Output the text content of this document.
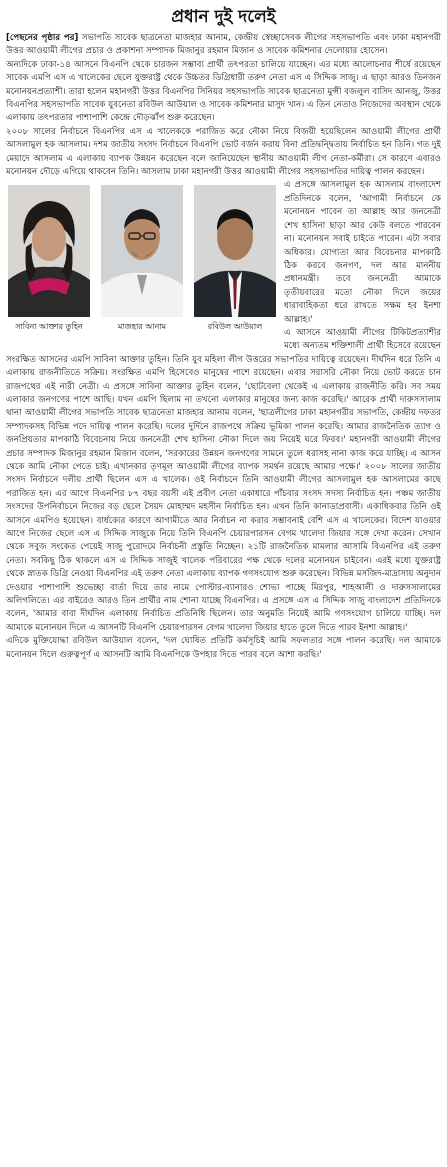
প্রধান দুই দলেই

[পেছনের পৃষ্ঠার পর] সভাপতি সাবেক ছাত্রনেতা মাজহার আনাম, কেন্দ্রীয় স্বেচ্ছাসেবক লীগের সহসভাপতি এবং ঢাকা মহানগরী উত্তর আওয়ামী লীগের প্রচার ও প্রকাশনা সম্পাদক মিজানুর রহমান মিজান ও সাবেক কমিশনার দেলোয়ার হোসেন।

অন্যদিকে ঢাকা-১৪ আসনে বিএনপি থেকে চারজন সম্ভাব্য প্রার্থী তৎপরতা চালিয়ে যাচ্ছেন। এর মধ্যে আলোচনার শীর্ষে রয়েছেন সাবেক এমপি এস এ খালেকের ছেলে যুক্তরাষ্ট্র থেকে উচ্চতর ডিগ্রিধারী তরুণ নেতা এস এ সিদ্দিক সাজু। এ ছাড়া আরও তিনজন মনোনয়নপ্রত্যাশী। তারা হলেন মহানগরী উত্তর বিএনপির সিনিয়র সহসভাপতি সাবেক ছাত্রনেতা মুন্সী বজলুল বাসিদ আনজু, উত্তর বিএনপির সহসভাপতি সাবেক যুবনেতা রবিউল আউয়াল ও সাবেক কমিশনার মাসুদ খান। এ তিন নেতাও নিজেদের অবস্থান থেকে এলাকায় তৎপরতার পাশাপাশি কেন্দ্রে দৌড়ঝাঁপ শুরু করেছেন।

২০০৮ সালের নির্বাচনে বিএনপির এস এ খালেককে পরাজিত করে নৌকা নিয়ে বিজয়ী হয়েছিলেন আওয়ামী লীগের প্রার্থী আসলামুল হক আসলাম। দশম জাতীয় সংসদ নির্বাচনে বিএনপি ভোট বর্জন করায় বিনা প্রতিদ্বন্দ্বিতায় নির্বাচিত হন তিনি। গত দুই মেয়াদে আসলাম এ এলাকায় ব্যাপক উন্নয়ন করেছেন বলে জানিয়েছেন স্থানীয় আওয়ামী লীগ নেতা-কর্মীরা। সে কারণে এবারও মনোনয়ন দৌড়ে এগিয়ে থাকবেন তিনি। আসলাম ঢাকা মহানগরী উত্তর আওয়ামী লীগের সহসভাপতির দায়িত্ব পালন করছেন।

সাবিনা আক্তার তুহিন	মাজহার আনাম	রবিউল আউয়াল

এ প্রসঙ্গে আসলামুল হক আসলাম বাংলাদেশ প্রতিদিনকে বলেন, 'আগামী নির্বাচনে কে মনোনয়ন পাবেন তা আল্লাহ আর জননেত্রী শেখ হাসিনা ছাড়া আর কেউ বলতে পারবেন না। মনোনয়ন সবাই চাইতে পারেন। এটা সবার অধিকার। যোগ্যতা আর বিবেচনার মাপকাঠি ঠিক করবে জনগণ, দল আর মাননীয় প্রধানমন্ত্রী। তবে জননেত্রী আমাকে তৃতীয়বারের মতো নৌকা দিলে জয়ের ধারাবাহিকতা ধরে রাখতে সক্ষম হব ইনশা আল্লাহ।'

এ আসনে আওয়ামী লীগের টিকিটপ্রত্যাশীর মধ্যে অন্যতম শক্তিশালী প্রার্থী হিসেবে রয়েছেন সংরক্ষিত আসনের এমপি সাবিনা আক্তার তুহিন। তিনি যুব মহিলা লীগ উত্তরের সভাপতির দায়িত্বে রয়েছেন। দীর্ঘদিন ধরে তিনি এ এলাকায় রাজনীতিতে সক্রিয়। সংরক্ষিত এমপি হিসেবেও মানুষের পাশে রয়েছেন। এবার সরাসরি নৌকা নিয়ে ভোট করতে চান রাজপথের এই নারী নেত্রী। এ প্রসঙ্গে সাবিনা আক্তার তুহিন বলেন, 'ছোটবেলা থেকেই এ এলাকায় রাজনীতি করি। সব সময় এলাকার জনগণের পাশে আছি। যখন এমপি ছিলাম না তখনো এলাকার মানুষের জন্য কাজ করেছি।' আরেক প্রার্থী দারুসসালাম থানা আওয়ামী লীগের সভাপতি সাবেক ছাত্রনেতা মাজহার আনাম বলেন, 'ছাত্রলীগের ঢাকা মহানগরীর সভাপতি, কেন্দ্রীয় দফতর সম্পাদকসহ বিভিন্ন পদে দায়িত্ব পালন করেছি। দলের দুর্দিনে রাজপথে সক্রিয় ভূমিকা পালন করেছি। আমার রাজনৈতিক ত্যাগ ও জনপ্রিয়তার মাপকাঠি বিবেচনায় নিয়ে জননেত্রী শেখ হাসিনা নৌকা দিলে জয় নিয়েই ঘরে ফিরব।' মহানগরী আওয়ামী লীগের প্রচার সম্পাদক মিজানুর রহমান মিজান বলেন, 'সরকারের উন্নয়ন জনগণের সামনে তুলে ধরাসহ নানা কাজ করে যাচ্ছি। এ আসন থেকে আমি নৌকা পেতে চাই। এখানকার তৃণমূল আওয়ামী লীগের ব্যাপক সমর্থন রয়েছে আমার পক্ষে।' ২০০৮ সালের জাতীয় সংসদ নির্বাচনে দলীয় প্রার্থী ছিলেন এস এ খালেক। ওই নির্বাচনে তিনি আওয়ামী লীগের আসলামুল হক আসলামের কাছে পরাজিত হন। এর আগে বিএনপির ৮৭ বছর বয়সী এই প্রবীণ নেতা একাধারে পাঁচবার সংসদ সদস্য নির্বাচিত হন। পঞ্চম জাতীয় সংসদের উপনির্বাচনে নিজের বড় ছেলে সৈয়দ মোহাম্মদ মহসীন নির্বাচিত হন। এখন তিনি কানাডাপ্রবাসী। একাধিকবার তিনি ওই আসনে এমপিও হয়েছেন। বার্ধক্যের কারণে আগামীতে আর নির্বাচন না করার সম্ভাবনাই বেশি এস এ খালেকের। বিদেশ যাওয়ার আগে নিজের ছেলে এস এ সিদ্দিক সাজুকে নিয়ে তিনি বিএনপি চেয়ারপারসন বেগম খালেদা জিয়ার সঙ্গে দেখা করেন। সেখান থেকে সবুজ সংকেত পেয়েই সাজু পুরোদমে নির্বাচনী প্রস্তুতি নিচ্ছেন। ২১টি রাজনৈতিক মামলার আসামি বিএনপির এই তরুণ নেতা। সবকিছু ঠিক থাকলে এস এ সিদ্দিক সাজুই খালেক পরিবারের পক্ষ থেকে দলের মনোনয়ন চাইবেন। এরই মধ্যে যুক্তরাষ্ট্র থেকে স্নাতক ডিগ্রি নেওয়া বিএনপির এই তরুণ নেতা এলাকায় ব্যাপক গণসংযোগ শুরু করেছেন। বিভিন্ন মসজিদ-মাদ্রাসায় অনুদান দেওয়ার পাশাপাশি শুভেচ্ছা বার্তা দিয়ে তার নামে পোস্টার-ব্যানারও শোভা পাচ্ছে মিরপুর, শাহআলী ও দারুসসালামের অলিগলিতে। এর বাইরেও আরও তিন প্রার্থীর নাম শোনা যাচ্ছে বিএনপির। এ প্রসঙ্গে এস এ সিদ্দিক সাজু বাংলাদেশ প্রতিদিনকে বলেন, 'আমার বাবা দীর্ঘদিন এলাকায় নির্বাচিত প্রতিনিধি ছিলেন। তার অনুমতি নিয়েই আমি গণসংযোগ চালিয়ে যাচ্ছি। দল আমাকে মনোনয়ন দিলে এ আসনটি বিএনপি চেয়ারপারসন বেগম খালেদা জিয়ার হাতে তুলে দিতে পারব ইনশা আল্লাহ।'

এদিকে মুক্তিযোদ্ধা রবিউল আউয়াল বলেন, 'দল ঘোষিত প্রতিটি কর্মসূচিই আমি সফলতার সঙ্গে পালন করেছি। দল আমাকে মনোনয়ন দিলে গুরুত্বপূর্ণ এ আসনটি আমি বিএনপিকে উপহার দিতে পারব বলে আশা করছি।'
